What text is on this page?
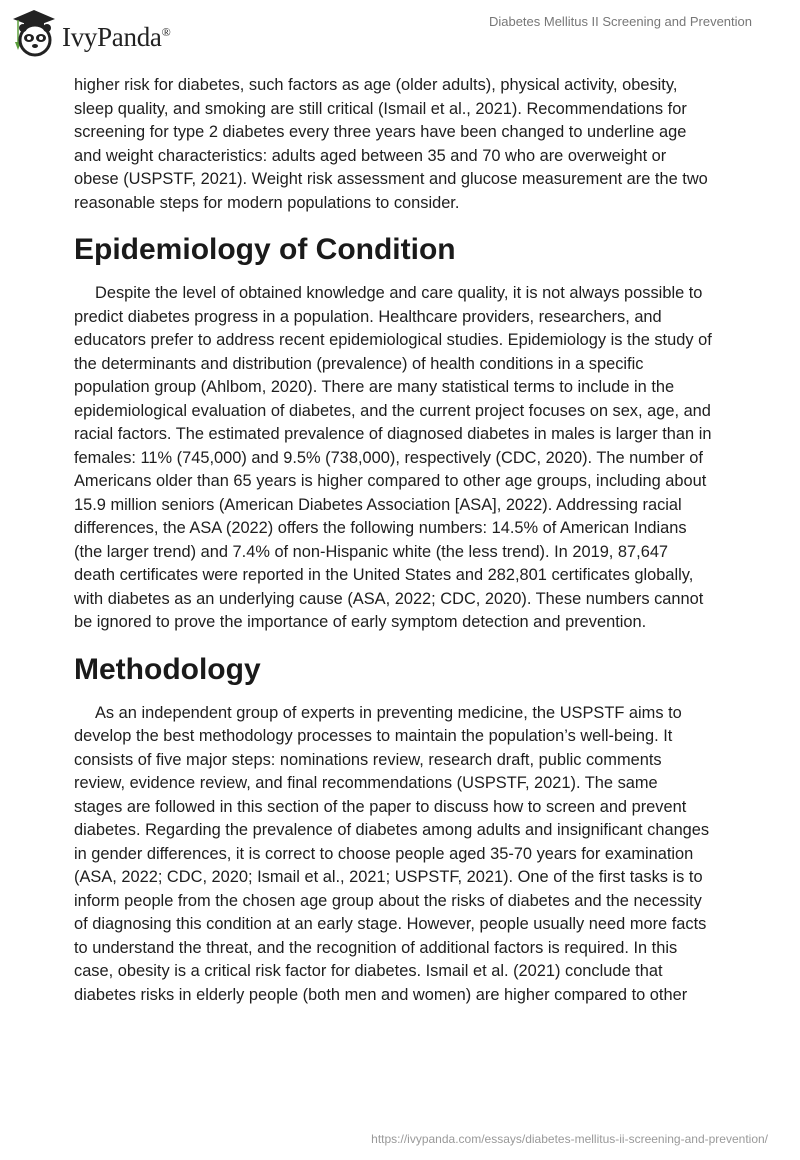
IvyPanda®
Diabetes Mellitus II Screening and Prevention
higher risk for diabetes, such factors as age (older adults), physical activity, obesity,
sleep quality, and smoking are still critical (Ismail et al., 2021). Recommendations for
screening for type 2 diabetes every three years have been changed to underline age
and weight characteristics: adults aged between 35 and 70 who are overweight or
obese (USPSTF, 2021). Weight risk assessment and glucose measurement are the two
reasonable steps for modern populations to consider.
Epidemiology of Condition
Despite the level of obtained knowledge and care quality, it is not always possible to
predict diabetes progress in a population. Healthcare providers, researchers, and
educators prefer to address recent epidemiological studies. Epidemiology is the study of
the determinants and distribution (prevalence) of health conditions in a specific
population group (Ahlbom, 2020). There are many statistical terms to include in the
epidemiological evaluation of diabetes, and the current project focuses on sex, age, and
racial factors. The estimated prevalence of diagnosed diabetes in males is larger than in
females: 11% (745,000) and 9.5% (738,000), respectively (CDC, 2020). The number of
Americans older than 65 years is higher compared to other age groups, including about
15.9 million seniors (American Diabetes Association [ASA], 2022). Addressing racial
differences, the ASA (2022) offers the following numbers: 14.5% of American Indians
(the larger trend) and 7.4% of non-Hispanic white (the less trend). In 2019, 87,647
death certificates were reported in the United States and 282,801 certificates globally,
with diabetes as an underlying cause (ASA, 2022; CDC, 2020). These numbers cannot
be ignored to prove the importance of early symptom detection and prevention.
Methodology
As an independent group of experts in preventing medicine, the USPSTF aims to
develop the best methodology processes to maintain the population’s well-being. It
consists of five major steps: nominations review, research draft, public comments
review, evidence review, and final recommendations (USPSTF, 2021). The same
stages are followed in this section of the paper to discuss how to screen and prevent
diabetes. Regarding the prevalence of diabetes among adults and insignificant changes
in gender differences, it is correct to choose people aged 35-70 years for examination
(ASA, 2022; CDC, 2020; Ismail et al., 2021; USPSTF, 2021). One of the first tasks is to
inform people from the chosen age group about the risks of diabetes and the necessity
of diagnosing this condition at an early stage. However, people usually need more facts
to understand the threat, and the recognition of additional factors is required. In this
case, obesity is a critical risk factor for diabetes. Ismail et al. (2021) conclude that
diabetes risks in elderly people (both men and women) are higher compared to other
https://ivypanda.com/essays/diabetes-mellitus-ii-screening-and-prevention/
